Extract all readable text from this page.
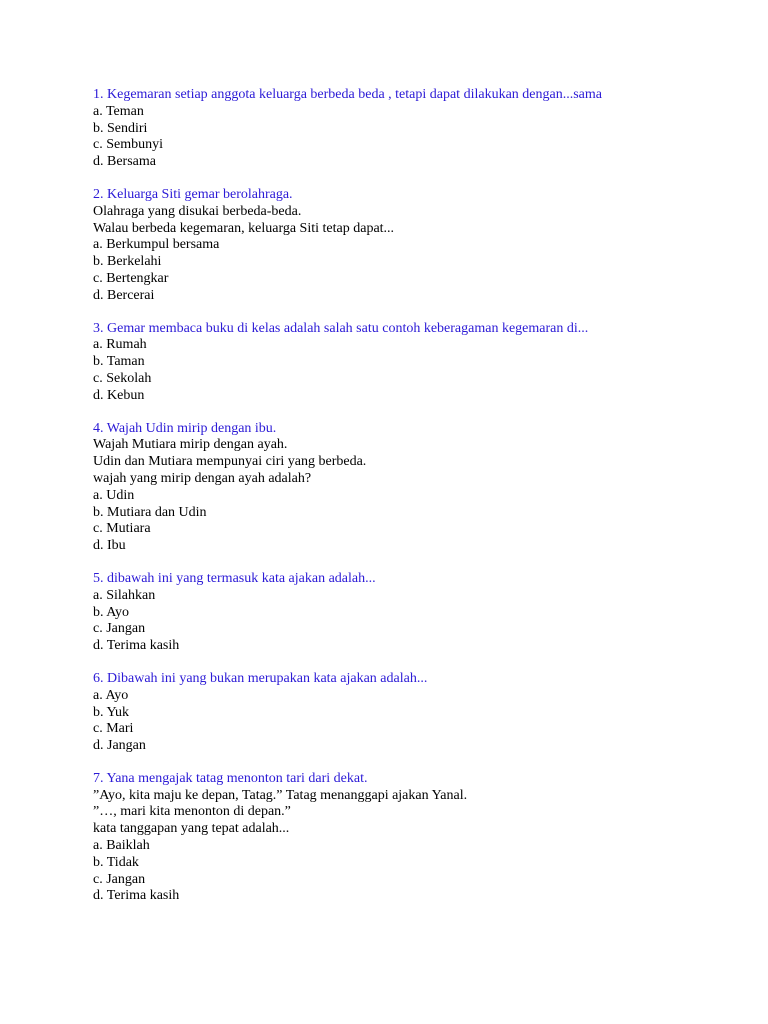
1. Kegemaran setiap anggota keluarga berbeda beda , tetapi dapat dilakukan dengan...sama
a. Teman
b. Sendiri
c. Sembunyi
d. Bersama
2. Keluarga Siti gemar berolahraga.
Olahraga yang disukai berbeda-beda.
Walau berbeda kegemaran, keluarga Siti tetap dapat...
a. Berkumpul bersama
b. Berkelahi
c. Bertengkar
d. Bercerai
3. Gemar membaca buku di kelas adalah salah satu contoh keberagaman kegemaran di...
a. Rumah
b. Taman
c. Sekolah
d. Kebun
4. Wajah Udin mirip dengan ibu.
Wajah Mutiara mirip dengan ayah.
Udin dan Mutiara mempunyai ciri yang berbeda.
wajah yang mirip dengan ayah adalah?
a. Udin
b. Mutiara dan Udin
c. Mutiara
d. Ibu
5. dibawah ini yang termasuk kata ajakan adalah...
a. Silahkan
b. Ayo
c. Jangan
d. Terima kasih
6. Dibawah ini yang bukan merupakan kata ajakan adalah...
a. Ayo
b. Yuk
c. Mari
d. Jangan
7. Yana mengajak tatag menonton tari dari dekat.
”Ayo, kita maju ke depan, Tatag.” Tatag menanggapi ajakan Yanal.
”…, mari kita menonton di depan.”
kata tanggapan yang tepat adalah...
a. Baiklah
b. Tidak
c. Jangan
d. Terima kasih
